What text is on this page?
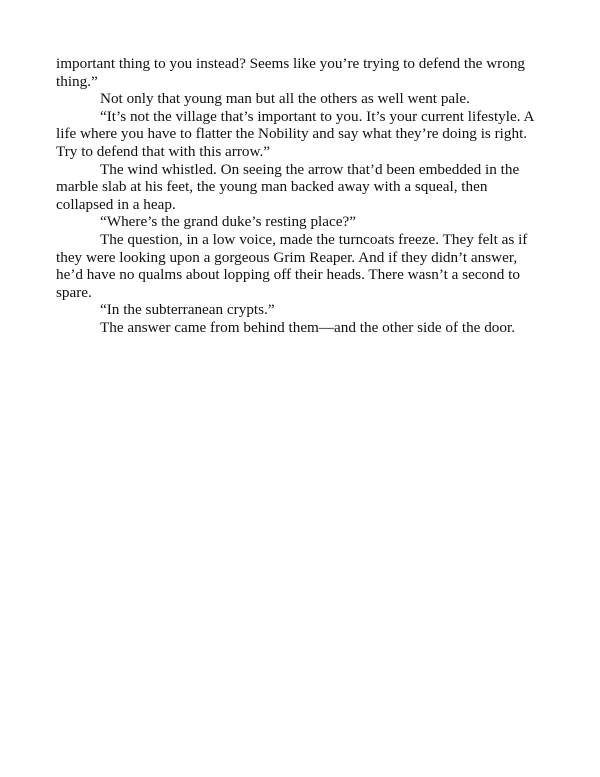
important thing to you instead? Seems like you’re trying to defend the wrong thing.”

Not only that young man but all the others as well went pale.

“It’s not the village that’s important to you. It’s your current lifestyle. A life where you have to flatter the Nobility and say what they’re doing is right. Try to defend that with this arrow.”

The wind whistled. On seeing the arrow that’d been embedded in the marble slab at his feet, the young man backed away with a squeal, then collapsed in a heap.

“Where’s the grand duke’s resting place?”

The question, in a low voice, made the turncoats freeze. They felt as if they were looking upon a gorgeous Grim Reaper. And if they didn’t answer, he’d have no qualms about lopping off their heads. There wasn’t a second to spare.

“In the subterranean crypts.”

The answer came from behind them—and the other side of the door.
